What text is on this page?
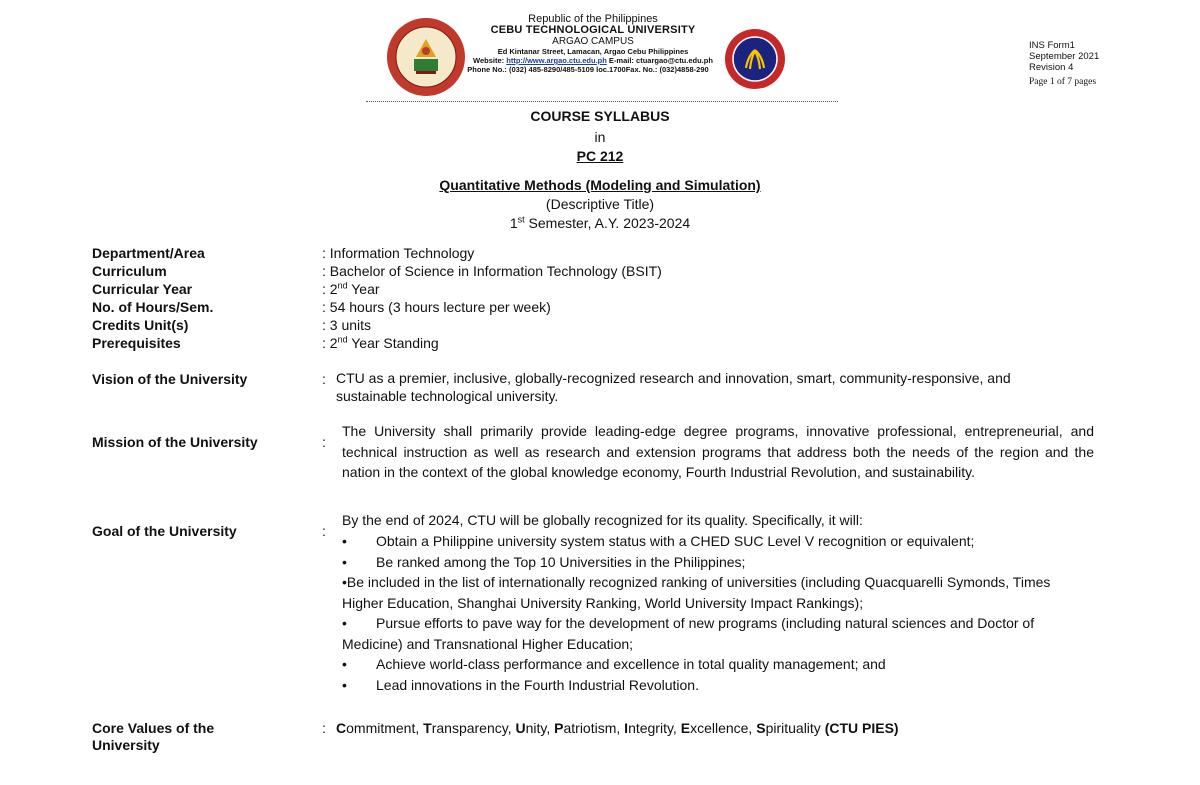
Republic of the Philippines
CEBU TECHNOLOGICAL UNIVERSITY
ARGAO CAMPUS
Ed Kintanar Street, Lamacan, Argao Cebu Philippines
Website: http://www.argao.ctu.edu.ph E-mail: ctuargao@ctu.edu.ph
Phone No.: (032) 485-8290/485-5109 loc.1700Fax. No.: (032)4858-290
INS Form1
September 2021
Revision 4
Page 1 of 7 pages
COURSE SYLLABUS
in
PC 212
Quantitative Methods (Modeling and Simulation)
(Descriptive Title)
1st Semester, A.Y. 2023-2024
Department/Area	: Information Technology
Curriculum	: Bachelor of Science in Information Technology (BSIT)
Curricular Year	: 2nd Year
No. of Hours/Sem.	: 54 hours (3 hours lecture per week)
Credits Unit(s)	: 3 units
Prerequisites	: 2nd Year Standing
Vision of the University	: CTU as a premier, inclusive, globally-recognized research and innovation, smart, community-responsive, and sustainable technological university.
Mission of the University	:
The University shall primarily provide leading-edge degree programs, innovative professional, entrepreneurial, and technical instruction as well as research and extension programs that address both the needs of the region and the nation in the context of the global knowledge economy, Fourth Industrial Revolution, and sustainability.
Goal of the University	:
By the end of 2024, CTU will be globally recognized for its quality. Specifically, it will:
• Obtain a Philippine university system status with a CHED SUC Level V recognition or equivalent;
• Be ranked among the Top 10 Universities in the Philippines;
•Be included in the list of internationally recognized ranking of universities (including Quacquarelli Symonds, Times Higher Education, Shanghai University Ranking, World University Impact Rankings);
• Pursue efforts to pave way for the development of new programs (including natural sciences and Doctor of Medicine) and Transnational Higher Education;
• Achieve world-class performance and excellence in total quality management; and
• Lead innovations in the Fourth Industrial Revolution.
Core Values of the University
: Commitment, Transparency, Unity, Patriotism, Integrity, Excellence, Spirituality (CTU PIES)
